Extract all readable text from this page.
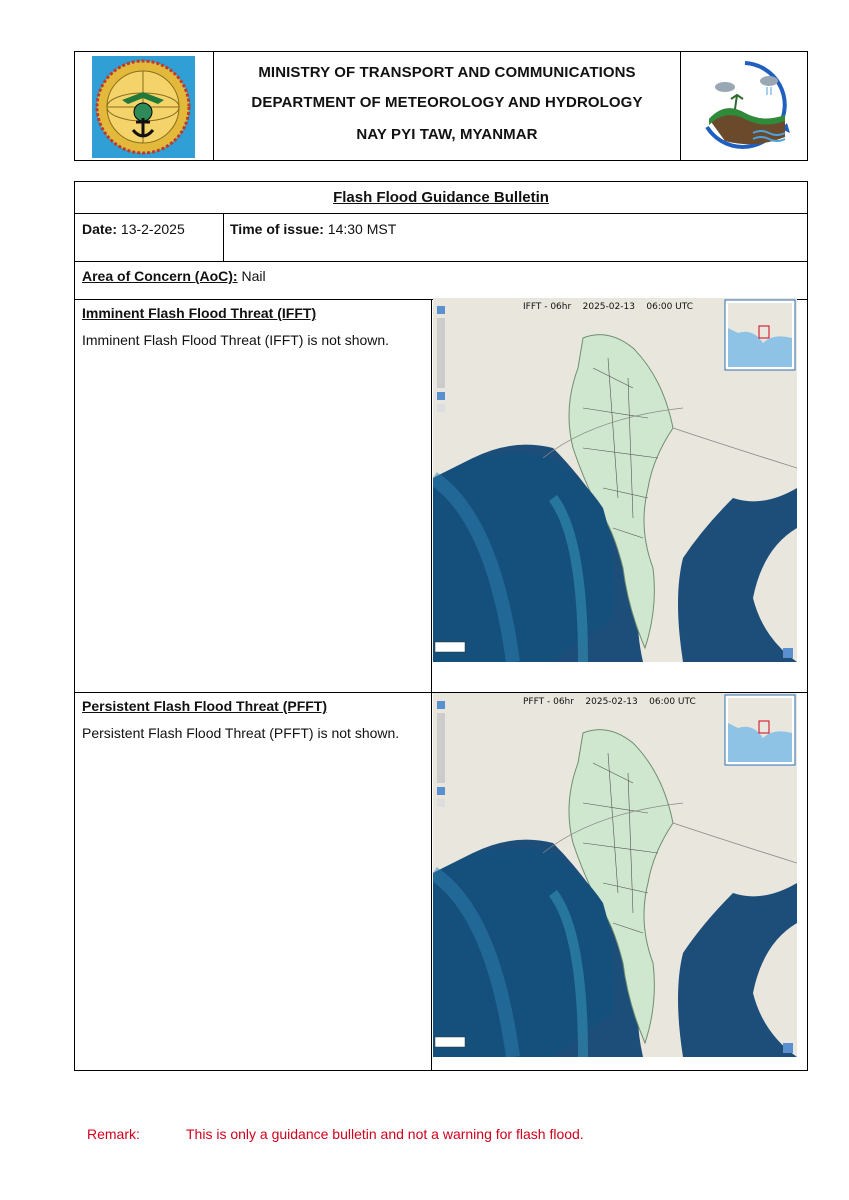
MINISTRY OF TRANSPORT AND COMMUNICATIONS
DEPARTMENT OF METEOROLOGY AND HYDROLOGY
NAY PYI TAW, MYANMAR
Flash Flood Guidance Bulletin
Date: 13-2-2025	Time of issue: 14:30 MST
Area of Concern (AoC): Nail
Imminent Flash Flood Threat (IFFT)
Imminent Flash Flood Threat (IFFT) is not shown.
Persistent Flash Flood Threat (PFFT)
Persistent Flash Flood Threat (PFFT) is not shown.
IFFT - 06hr    2025-02-13    06:00 UTC
PFFT - 06hr    2025-02-13    06:00 UTC
Remark:	This is only a guidance bulletin and not a warning for flash flood.
